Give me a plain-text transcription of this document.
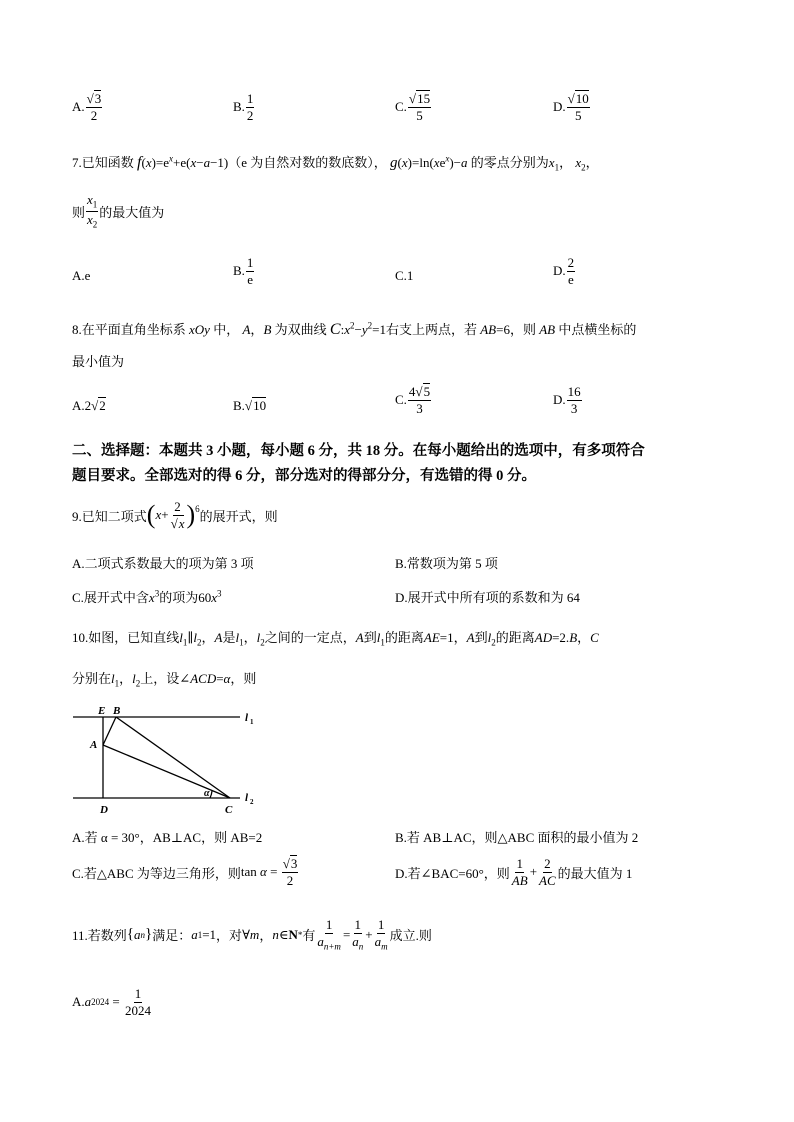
A. $\frac{√3}{2}$	B. $\frac{1}{2}$	C. $\frac{√15}{5}$	D. $\frac{√10}{5}$
7.已知函数 $f(x)=e^x+e(x-a-1)(e$ 为自然对数的数底数）， $g(x)=\ln(xe^x)-a$ 的零点分别为$x_1$， $x_2$，
则 $\frac{x_1}{x_2}$ 的最大值为
A.e	B. $\frac{1}{e}$	C.1	D. $\frac{2}{e}$
8.在平面直角坐标系 xOy 中， A，B 为双曲线 $C:x^2-y^2=1$右支上两点，若 AB=6，则 AB 中点横坐标的
最小值为
A. 2√2	B. √10	C. $\frac{4√5}{3}$	D. $\frac{16}{3}$
二、选择题：本题共 3 小题，每小题 6 分，共 18 分。在每小题给出的选项中，有多项符合
题目要求。全部选对的得 6 分，部分选对的得部分分，有选错的得 0 分。
9.已知二项式 ( $x + \frac{2}{√x} )^6$ 的展开式，则
A.二项式系数最大的项为第 3 项	B.常数项为第 5 项
C.展开式中含$x^3$的项为$60x^3$	D.展开式中所有项的系数和为 64
10.如图，已知直线$l_1\parallel l_2$，A是$l_1$，$l_2$之间的一定点，A到$l_1$的距离AE=1，A到$l_2$的距离AD=2.B，C
分别在$l_1$，$l_2$上，设∠ACD=α，则
E B
A
D	C
α
l 1
l 2
A.若 α = 30°，AB⊥AC，则 AB=2	B.若 AB⊥AC，则△ABC 面积的最小值为 2
C.若△ABC 为等边三角形，则 $\tan \alpha = \frac{√3}{2}$	D.若∠BAC=60°，则 $\frac{1}{AB} + \frac{2}{AC}$ 的最大值为 1
11.若数列 { a n } 满足： a 1 =1 ，对 ∀ m ， n ∈ N * 有 $\frac{1}{a_{n+m}} = \frac{1}{a_n} + \frac{1}{a_m}$ 成立.则
A. a $2024 = \frac{1}{2024}$
